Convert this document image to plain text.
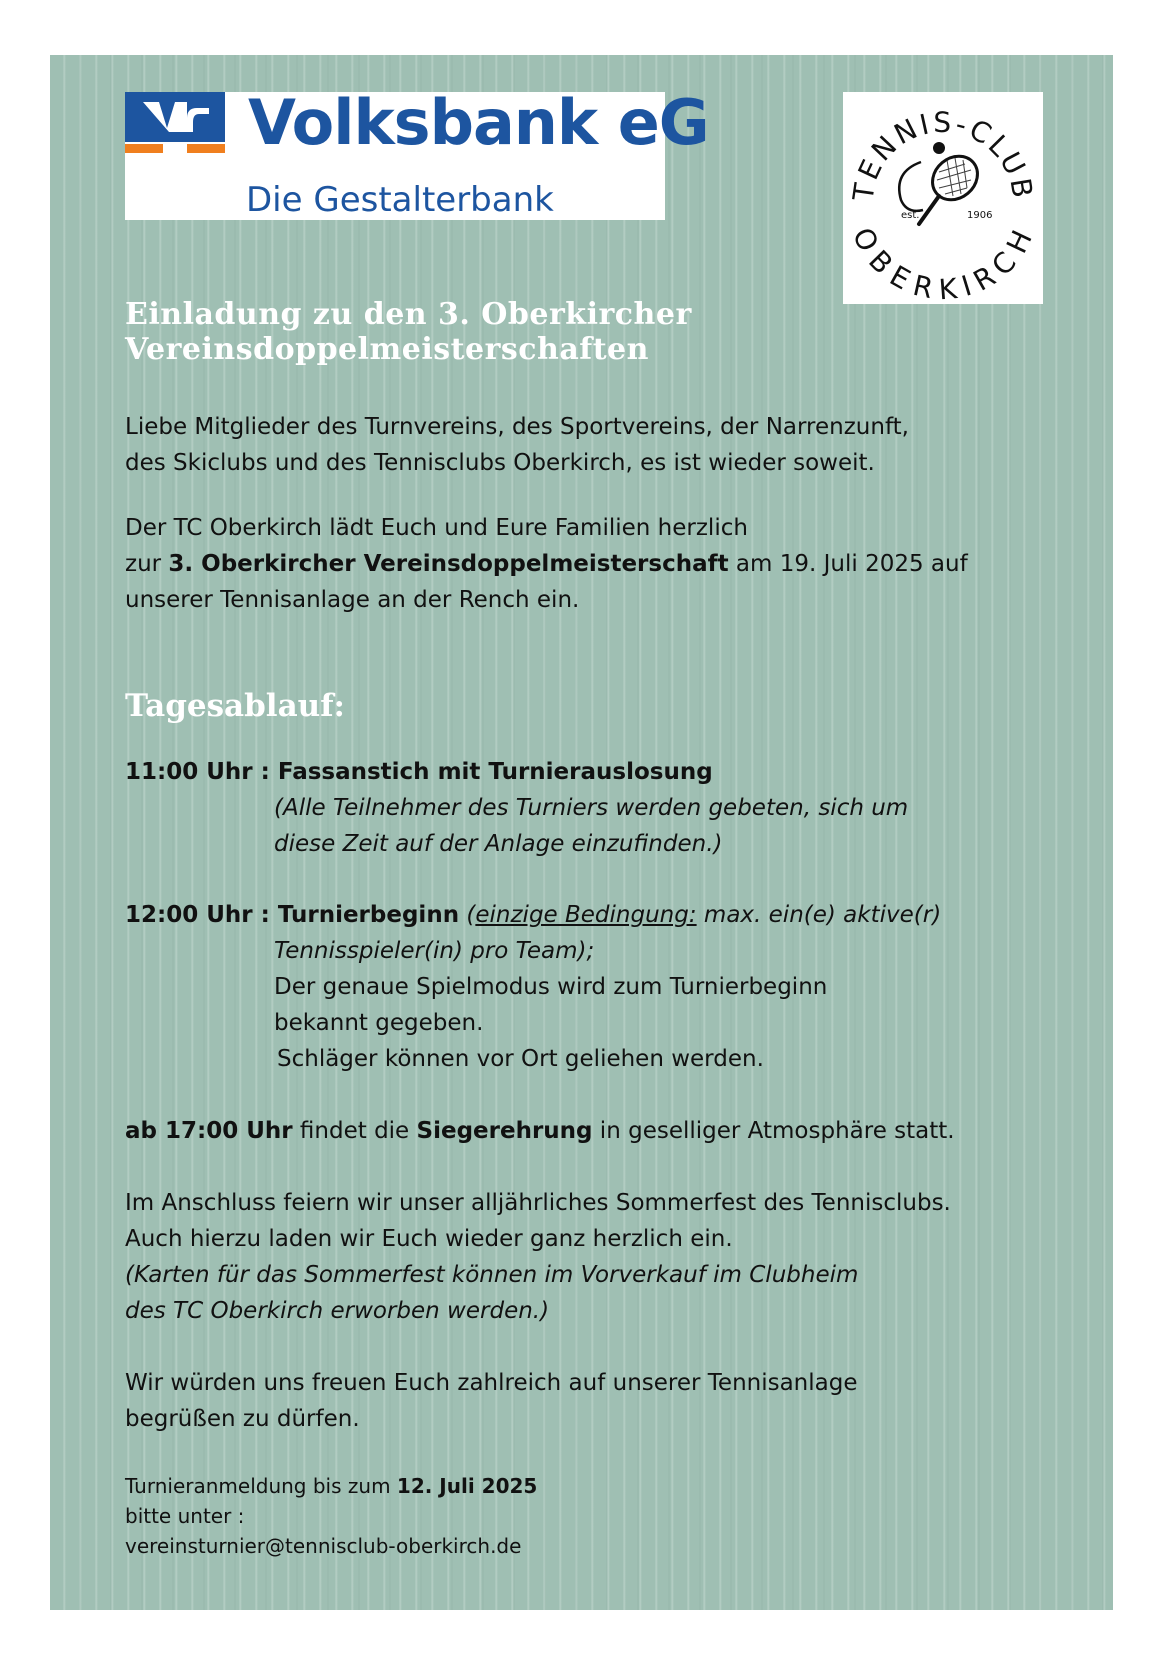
Volksbank eG
Die Gestalterbank	TENNIS-CLUB
OBERKIRCH
est.	1906
Einladung zu den 3. Oberkircher
Vereinsdoppelmeisterschaften

Liebe Mitglieder des Turnvereins, des Sportvereins, der Narrenzunft,
des Skiclubs und des Tennisclubs Oberkirch, es ist wieder soweit.

Der TC Oberkirch lädt Euch und Eure Familien herzlich
zur 3. Oberkircher Vereinsdoppelmeisterschaft am 19. Juli 2025 auf
unserer Tennisanlage an der Rench ein.

Tagesablauf:
11:00 Uhr : Fassanstich mit Turnierauslosung
(Alle Teilnehmer des Turniers werden gebeten, sich um
diese Zeit auf der Anlage einzufinden.)
12:00 Uhr : Turnierbeginn (einzige Bedingung: max. ein(e) aktive(r)
Tennisspieler(in) pro Team);
Der genaue Spielmodus wird zum Turnierbeginn
bekannt gegeben.
Schläger können vor Ort geliehen werden.
ab 17:00 Uhr findet die Siegerehrung in geselliger Atmosphäre statt.

Im Anschluss feiern wir unser alljährliches Sommerfest des Tennisclubs.
Auch hierzu laden wir Euch wieder ganz herzlich ein.
(Karten für das Sommerfest können im Vorverkauf im Clubheim
des TC Oberkirch erworben werden.)

Wir würden uns freuen Euch zahlreich auf unserer Tennisanlage
begrüßen zu dürfen.

Turnieranmeldung bis zum 12. Juli 2025
bitte unter :
vereinsturnier@tennisclub-oberkirch.de
